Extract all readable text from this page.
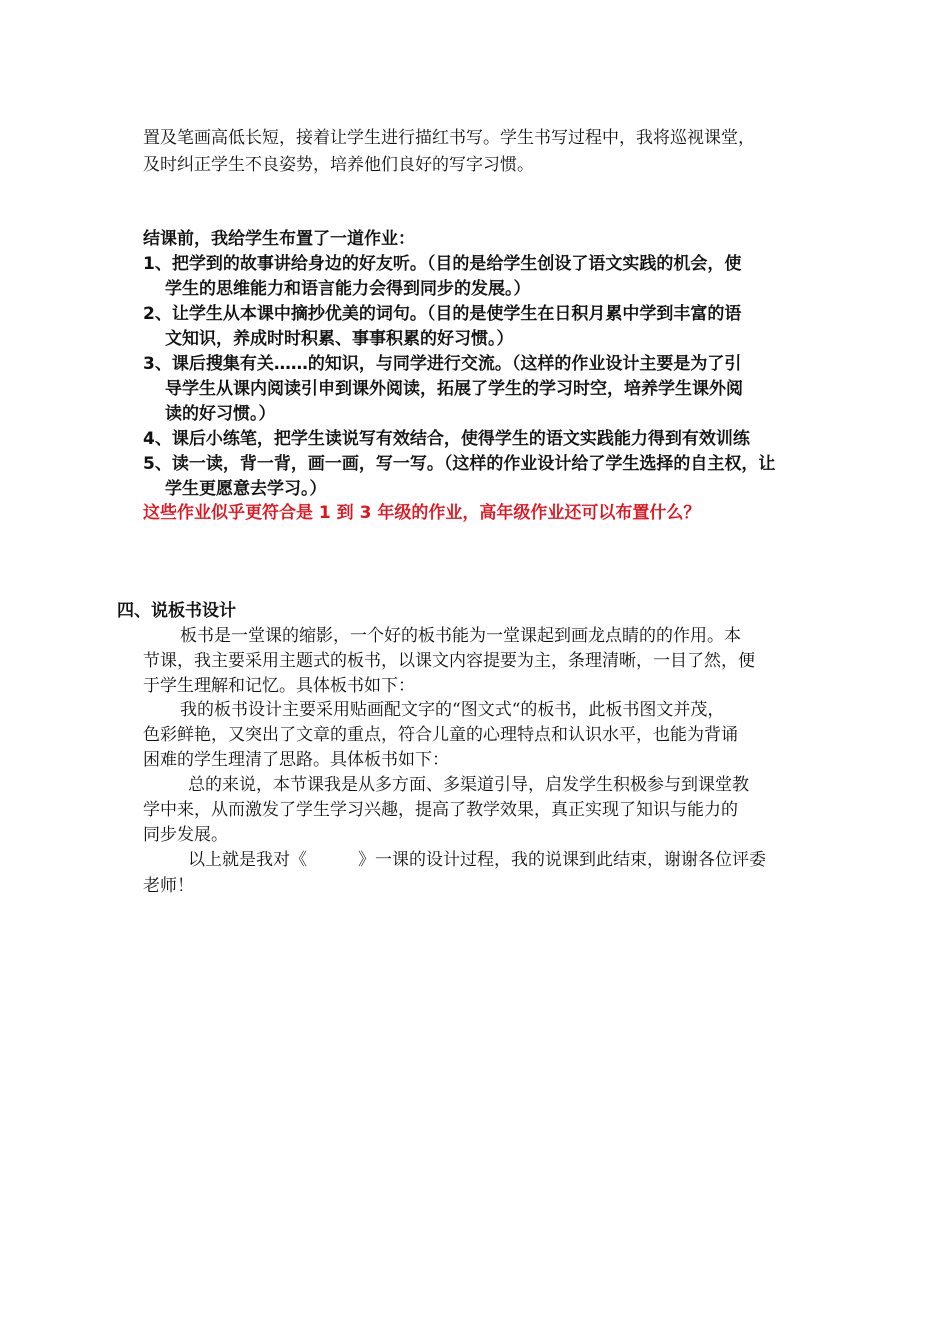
置及笔画高低长短，接着让学生进行描红书写。学生书写过程中，我将巡视课堂，
及时纠正学生不良姿势，培养他们良好的写字习惯。
结课前，我给学生布置了一道作业：
1、把学到的故事讲给身边的好友听。（目的是给学生创设了语文实践的机会，使
学生的思维能力和语言能力会得到同步的发展。）
2、让学生从本课中摘抄优美的词句。（目的是使学生在日积月累中学到丰富的语
文知识，养成时时积累、事事积累的好习惯。）
3、课后搜集有关……的知识，与同学进行交流。（这样的作业设计主要是为了引
导学生从课内阅读引申到课外阅读，拓展了学生的学习时空，培养学生课外阅
读的好习惯。）
4、课后小练笔，把学生读说写有效结合，使得学生的语文实践能力得到有效训练
5、读一读，背一背，画一画，写一写。（这样的作业设计给了学生选择的自主权，让
学生更愿意去学习。）
这些作业似乎更符合是 1 到 3 年级的作业，高年级作业还可以布置什么？
四、说板书设计
板书是一堂课的缩影，一个好的板书能为一堂课起到画龙点睛的的作用。本
节课，我主要采用主题式的板书，以课文内容提要为主，条理清晰，一目了然，便
于学生理解和记忆。具体板书如下：
我的板书设计主要采用贴画配文字的“图文式“的板书，此板书图文并茂，
色彩鲜艳，又突出了文章的重点，符合儿童的心理特点和认识水平，也能为背诵
困难的学生理清了思路。具体板书如下：
总的来说，本节课我是从多方面、多渠道引导，启发学生积极参与到课堂教
学中来，从而激发了学生学习兴趣，提高了教学效果，真正实现了知识与能力的
同步发展。
以上就是我对《　　　》一课的设计过程，我的说课到此结束，谢谢各位评委
老师！
